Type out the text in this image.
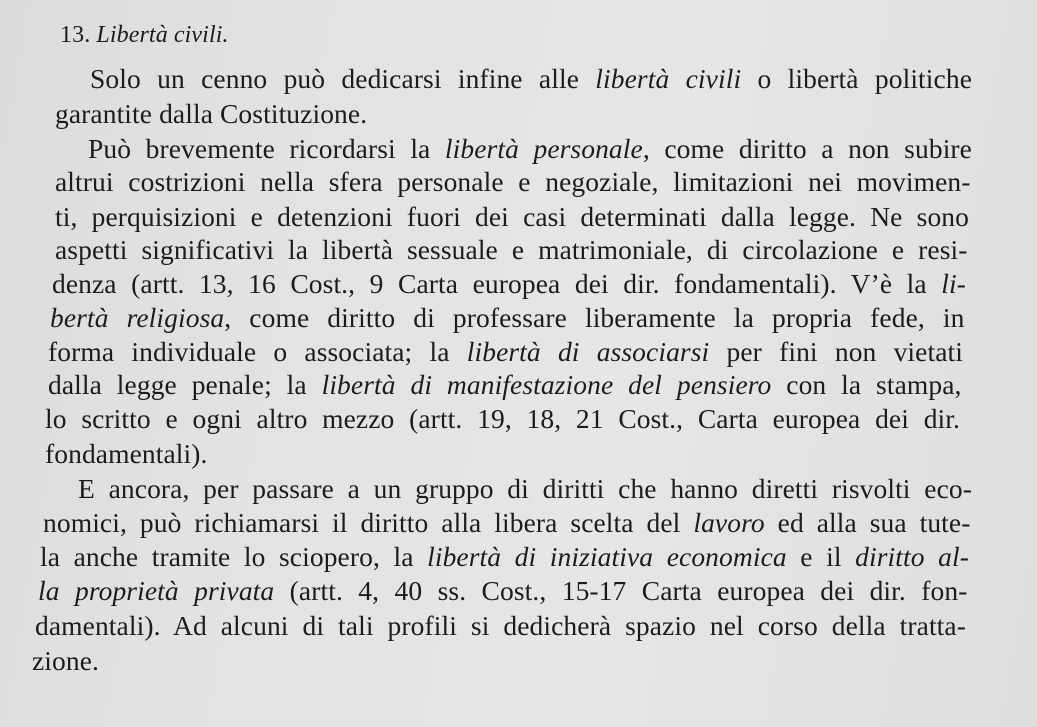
13. Libertà civili.
Solo un cenno può dedicarsi infine alle libertà civili o libertà politiche
garantite dalla Costituzione.
Può brevemente ricordarsi la libertà personale, come diritto a non subire
altrui costrizioni nella sfera personale e negoziale, limitazioni nei movimen-
ti, perquisizioni e detenzioni fuori dei casi determinati dalla legge. Ne sono
aspetti significativi la libertà sessuale e matrimoniale, di circolazione e resi-
denza (artt. 13, 16 Cost., 9 Carta europea dei dir. fondamentali). V’è la li-
bertà religiosa, come diritto di professare liberamente la propria fede, in
forma individuale o associata; la libertà di associarsi per fini non vietati
dalla legge penale; la libertà di manifestazione del pensiero con la stampa,
lo scritto e ogni altro mezzo (artt. 19, 18, 21 Cost., Carta europea dei dir.
fondamentali).
E ancora, per passare a un gruppo di diritti che hanno diretti risvolti eco-
nomici, può richiamarsi il diritto alla libera scelta del lavoro ed alla sua tute-
la anche tramite lo sciopero, la libertà di iniziativa economica e il diritto al-
la proprietà privata (artt. 4, 40 ss. Cost., 15-17 Carta europea dei dir. fon-
damentali). Ad alcuni di tali profili si dedicherà spazio nel corso della tratta-
zione.
